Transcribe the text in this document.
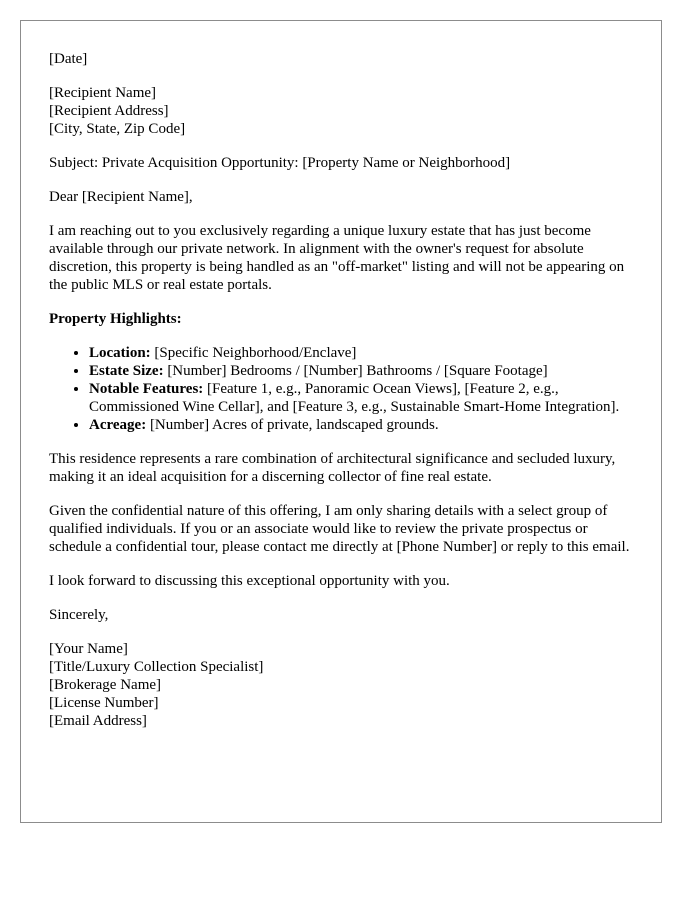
[Date]

[Recipient Name]
[Recipient Address]
[City, State, Zip Code]

Subject: Private Acquisition Opportunity: [Property Name or Neighborhood]

Dear [Recipient Name],

I am reaching out to you exclusively regarding a unique luxury estate that has just become available through our private network. In alignment with the owner's request for absolute discretion, this property is being handled as an "off-market" listing and will not be appearing on the public MLS or real estate portals.

Property Highlights:

• Location: [Specific Neighborhood/Enclave]
• Estate Size: [Number] Bedrooms / [Number] Bathrooms / [Square Footage]
• Notable Features: [Feature 1, e.g., Panoramic Ocean Views], [Feature 2, e.g., Commissioned Wine Cellar], and [Feature 3, e.g., Sustainable Smart-Home Integration].
• Acreage: [Number] Acres of private, landscaped grounds.

This residence represents a rare combination of architectural significance and secluded luxury, making it an ideal acquisition for a discerning collector of fine real estate.

Given the confidential nature of this offering, I am only sharing details with a select group of qualified individuals. If you or an associate would like to review the private prospectus or schedule a confidential tour, please contact me directly at [Phone Number] or reply to this email.

I look forward to discussing this exceptional opportunity with you.

Sincerely,

[Your Name]
[Title/Luxury Collection Specialist]
[Brokerage Name]
[License Number]
[Email Address]
